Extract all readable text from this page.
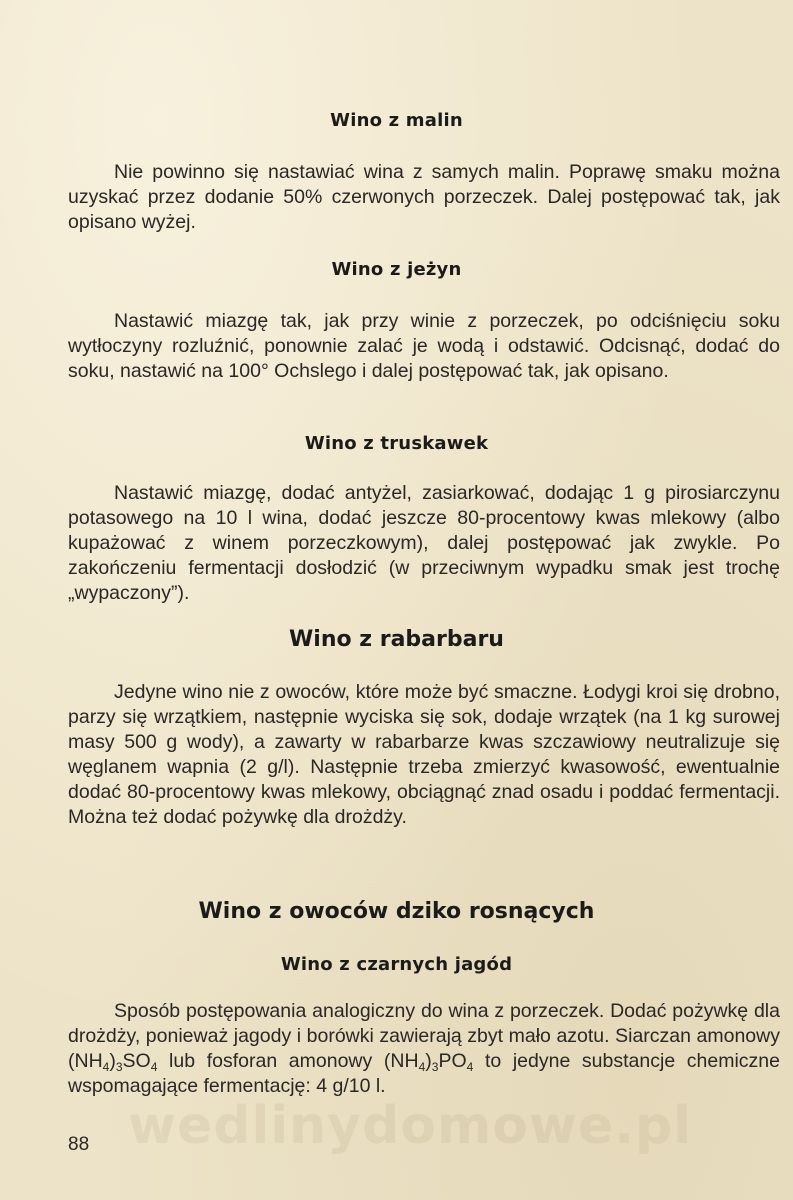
Wino z malin
Nie powinno się nastawiać wina z samych malin. Poprawę smaku można uzyskać przez dodanie 50% czerwonych porzeczek. Dalej postępować tak, jak opisano wyżej.
Wino z jeżyn
Nastawić miazgę tak, jak przy winie z porzeczek, po odciśnięciu soku wytłoczyny rozluźnić, ponownie zalać je wodą i odstawić. Odcisnąć, dodać do soku, nastawić na 100° Ochslego i dalej postępować tak, jak opisano.
Wino z truskawek
Nastawić miazgę, dodać antyżel, zasiarkować, dodając 1 g pirosiarczynu potasowego na 10 l wina, dodać jeszcze 80-procentowy kwas mlekowy (albo kupażować z winem porzeczkowym), dalej postępować jak zwykle. Po zakończeniu fermentacji dosłodzić (w przeciwnym wypadku smak jest trochę „wypaczony”).
Wino z rabarbaru
Jedyne wino nie z owoców, które może być smaczne. Łodygi kroi się drobno, parzy się wrzątkiem, następnie wyciska się sok, dodaje wrzątek (na 1 kg surowej masy 500 g wody), a zawarty w rabarbarze kwas szczawiowy neutralizuje się węglanem wapnia (2 g/l). Następnie trzeba zmierzyć kwasowość, ewentualnie dodać 80-procentowy kwas mlekowy, obciągnąć znad osadu i poddać fermentacji. Można też dodać pożywkę dla drożdży.
Wino z owoców dziko rosnących
Wino z czarnych jagód
Sposób postępowania analogiczny do wina z porzeczek. Dodać pożywkę dla drożdży, ponieważ jagody i borówki zawierają zbyt mało azotu. Siarczan amonowy $(NH_4)_3SO_4$ lub fosforan amonowy $(NH_4)_3PO_4$ to jedyne substancje chemiczne wspomagające fermentację: 4 g/10 l.
wedlinydomowe.pl
88
